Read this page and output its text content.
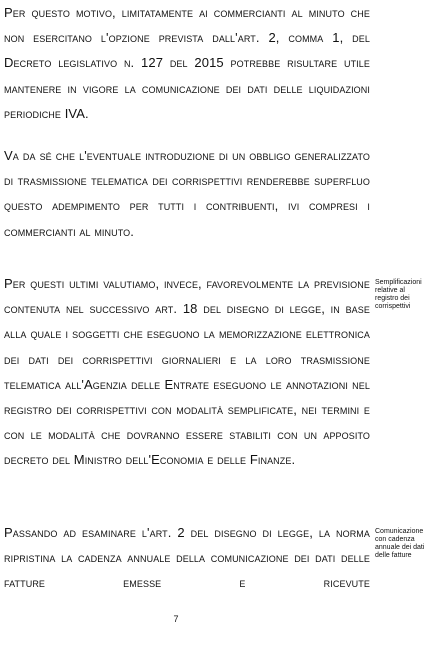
Per questo motivo, limitatamente ai commercianti al minuto che non esercitano l'opzione prevista dall'art. 2, comma 1, del Decreto legislativo n. 127 del 2015 potrebbe risultare utile mantenere in vigore la comunicazione dei dati delle liquidazioni periodiche IVA.

Va da sé che l'eventuale introduzione di un obbligo generalizzato di trasmissione telematica dei corrispettivi renderebbe superfluo questo adempimento per tutti i contribuenti, ivi compresi i commercianti al minuto.

Per questi ultimi valutiamo, invece, favorevolmente la previsione contenuta nel successivo art. 18 del disegno di legge, in base alla quale i soggetti che eseguono la memorizzazione elettronica dei dati dei corrispettivi giornalieri e la loro trasmissione telematica all'Agenzia delle Entrate eseguono le annotazioni nel registro dei corrispettivi con modalità semplificate, nei termini e con le modalità che dovranno essere stabiliti con un apposito decreto del Ministro dell'Economia e delle Finanze.

Passando ad esaminare l'art. 2 del disegno di legge, la norma ripristina la cadenza annuale della comunicazione dei dati delle fatture emesse e ricevute

Semplificazioni relative al registro dei corrispettivi
Comunicazione con cadenza annuale dei dati delle fatture
7
